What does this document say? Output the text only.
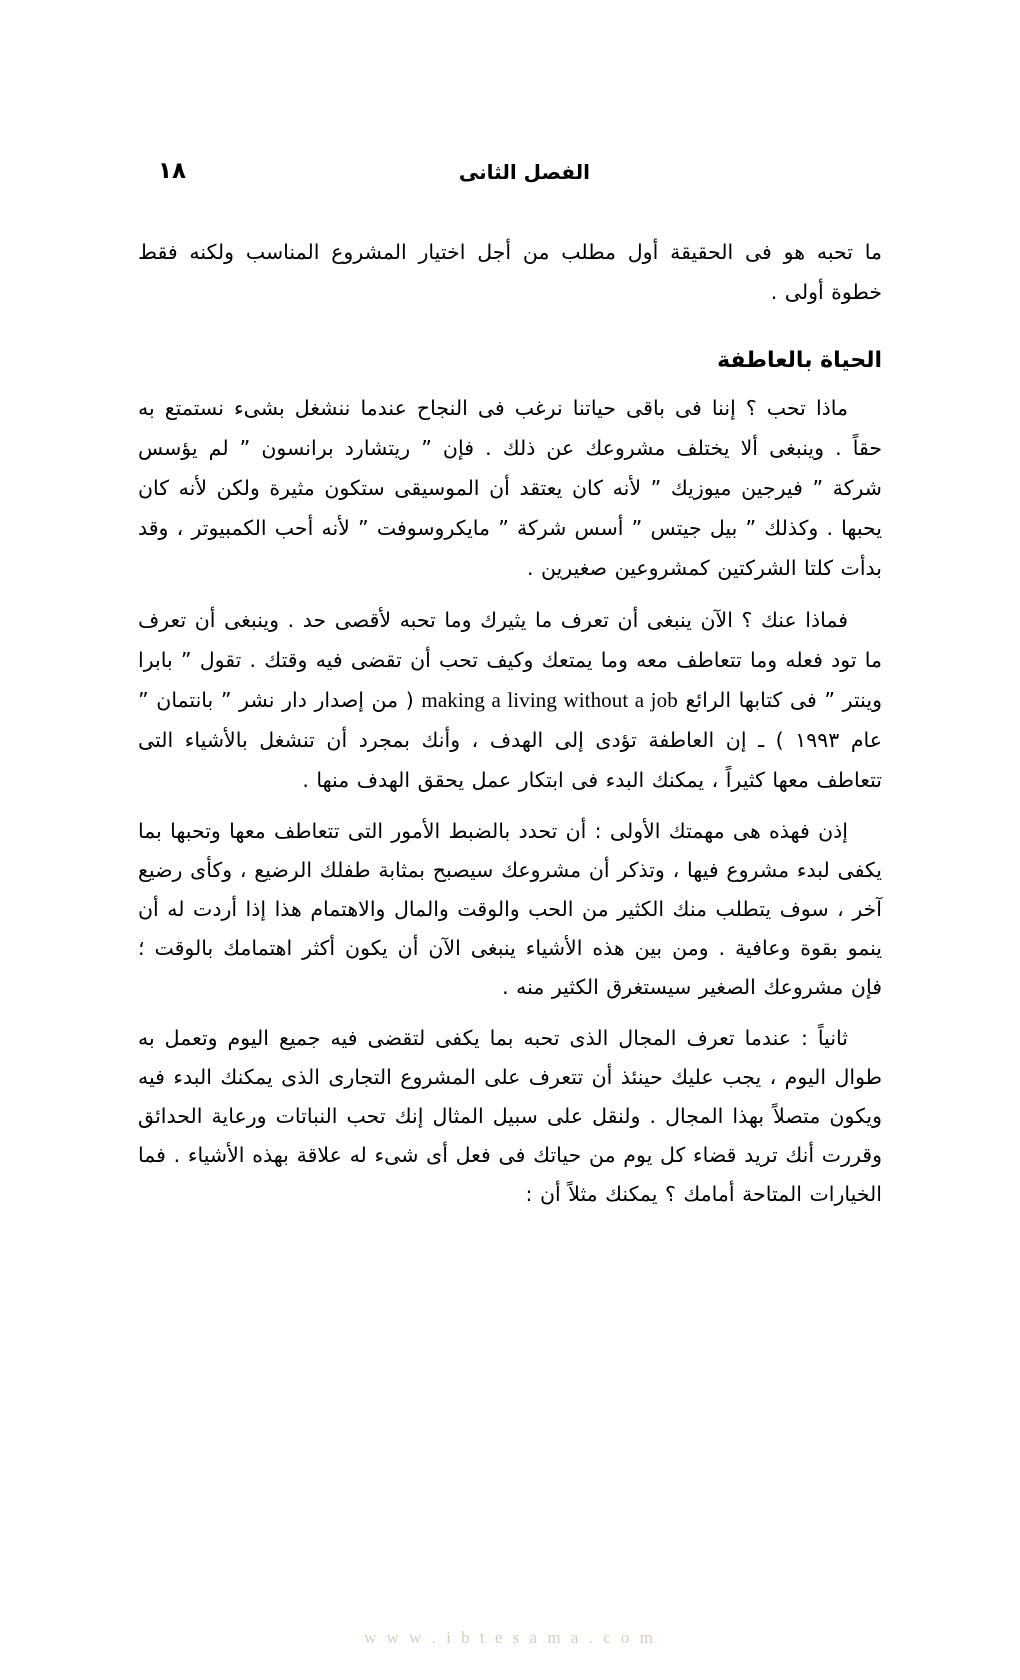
الفصل الثانى
١٨

ما تحبه هو فى الحقيقة أول مطلب من أجل اختيار المشروع المناسب ولكنه فقط خطوة أولى .

الحياة بالعاطفة

ماذا تحب ؟ إننا فى باقى حياتنا نرغب فى النجاح عندما ننشغل بشىء نستمتع به حقاً . وينبغى ألا يختلف مشروعك عن ذلك . فإن ” ريتشارد برانسون ” لم يؤسس شركة ” فيرجين ميوزيك ” لأنه كان يعتقد أن الموسيقى ستكون مثيرة ولكن لأنه كان يحبها . وكذلك ” بيل جيتس ” أسس شركة ” مايكروسوفت ” لأنه أحب الكمبيوتر ، وقد بدأت كلتا الشركتين كمشروعين صغيرين .

فماذا عنك ؟ الآن ينبغى أن تعرف ما يثيرك وما تحبه لأقصى حد . وينبغى أن تعرف ما تود فعله وما تتعاطف معه وما يمتعك وكيف تحب أن تقضى فيه وقتك . تقول ” بابرا وينتر ” فى كتابها الرائع making a living without a job ( من إصدار دار نشر ” بانتمان ” عام ١٩٩٣ ) ـ إن العاطفة تؤدى إلى الهدف ، وأنك بمجرد أن تنشغل بالأشياء التى تتعاطف معها كثيراً ، يمكنك البدء فى ابتكار عمل يحقق الهدف منها .

إذن فهذه هى مهمتك الأولى : أن تحدد بالضبط الأمور التى تتعاطف معها وتحبها بما يكفى لبدء مشروع فيها ، وتذكر أن مشروعك سيصبح بمثابة طفلك الرضيع ، وكأى رضيع آخر ، سوف يتطلب منك الكثير من الحب والوقت والمال والاهتمام هذا إذا أردت له أن ينمو بقوة وعافية . ومن بين هذه الأشياء ينبغى الآن أن يكون أكثر اهتمامك بالوقت ؛ فإن مشروعك الصغير سيستغرق الكثير منه .

ثانياً : عندما تعرف المجال الذى تحبه بما يكفى لتقضى فيه جميع اليوم وتعمل به طوال اليوم ، يجب عليك حينئذ أن تتعرف على المشروع التجارى الذى يمكنك البدء فيه ويكون متصلاً بهذا المجال . ولنقل على سبيل المثال إنك تحب النباتات ورعاية الحدائق وقررت أنك تريد قضاء كل يوم من حياتك فى فعل أى شىء له علاقة بهذه الأشياء . فما الخيارات المتاحة أمامك ؟ يمكنك مثلاً أن :

w w w . i b t e s a m a . c o m
